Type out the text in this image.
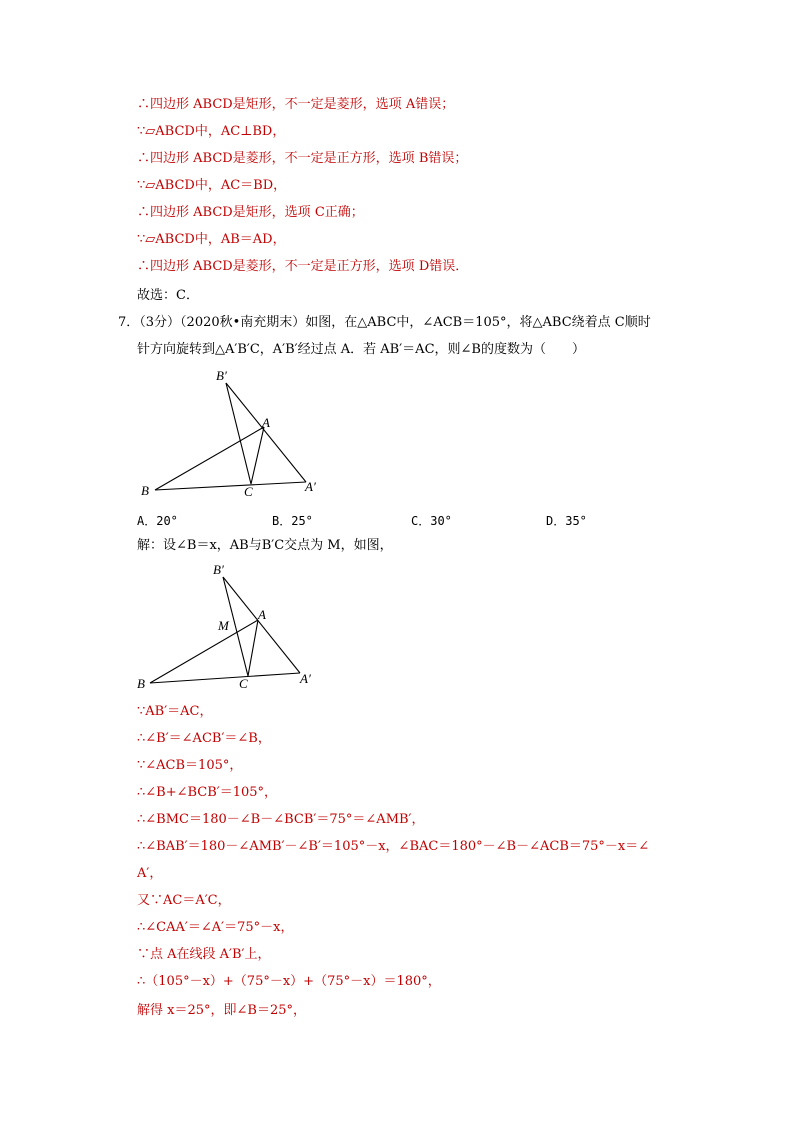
∴四边形 ABCD是矩形，不一定是菱形，选项 A错误；
∵▱ABCD中，AC⊥BD，
∴四边形 ABCD是菱形，不一定是正方形，选项 B错误；
∵▱ABCD中，AC＝BD，
∴四边形 ABCD是矩形，选项 C正确；
∵▱ABCD中，AB＝AD，
∴四边形 ABCD是菱形，不一定是正方形，选项 D错误．
故选：C．
7．（3分）（2020秋•南充期末）如图，在△ABC中，∠ACB＝105°，将△ABC绕着点 C顺时
针方向旋转到△A′B′C，A′B′经过点 A．若 AB′＝AC，则∠B的度数为（　　）
B′
A
B	C	A′
A．20°	B．25°	C．30°	D．35°
解：设∠B＝x，AB与B′C交点为 M，如图，
B′
M
A
B	C	A′
∵AB′＝AC，
∴∠B′＝∠ACB′＝∠B，
∵∠ACB＝105°，
∴∠B+∠BCB′＝105°，
∴∠BMC＝180－∠B－∠BCB′＝75°＝∠AMB′，
∴∠BAB′＝180－∠AMB′－∠B′＝105°－x，∠BAC＝180°－∠B－∠ACB＝75°－x＝∠
A′，
又∵AC＝A′C，
∴∠CAA′＝∠A′＝75°－x，
∵点 A在线段 A′B′上，
∴（105°－x）+（75°－x）+（75°－x）＝180°，
解得 x＝25°，即∠B＝25°，
